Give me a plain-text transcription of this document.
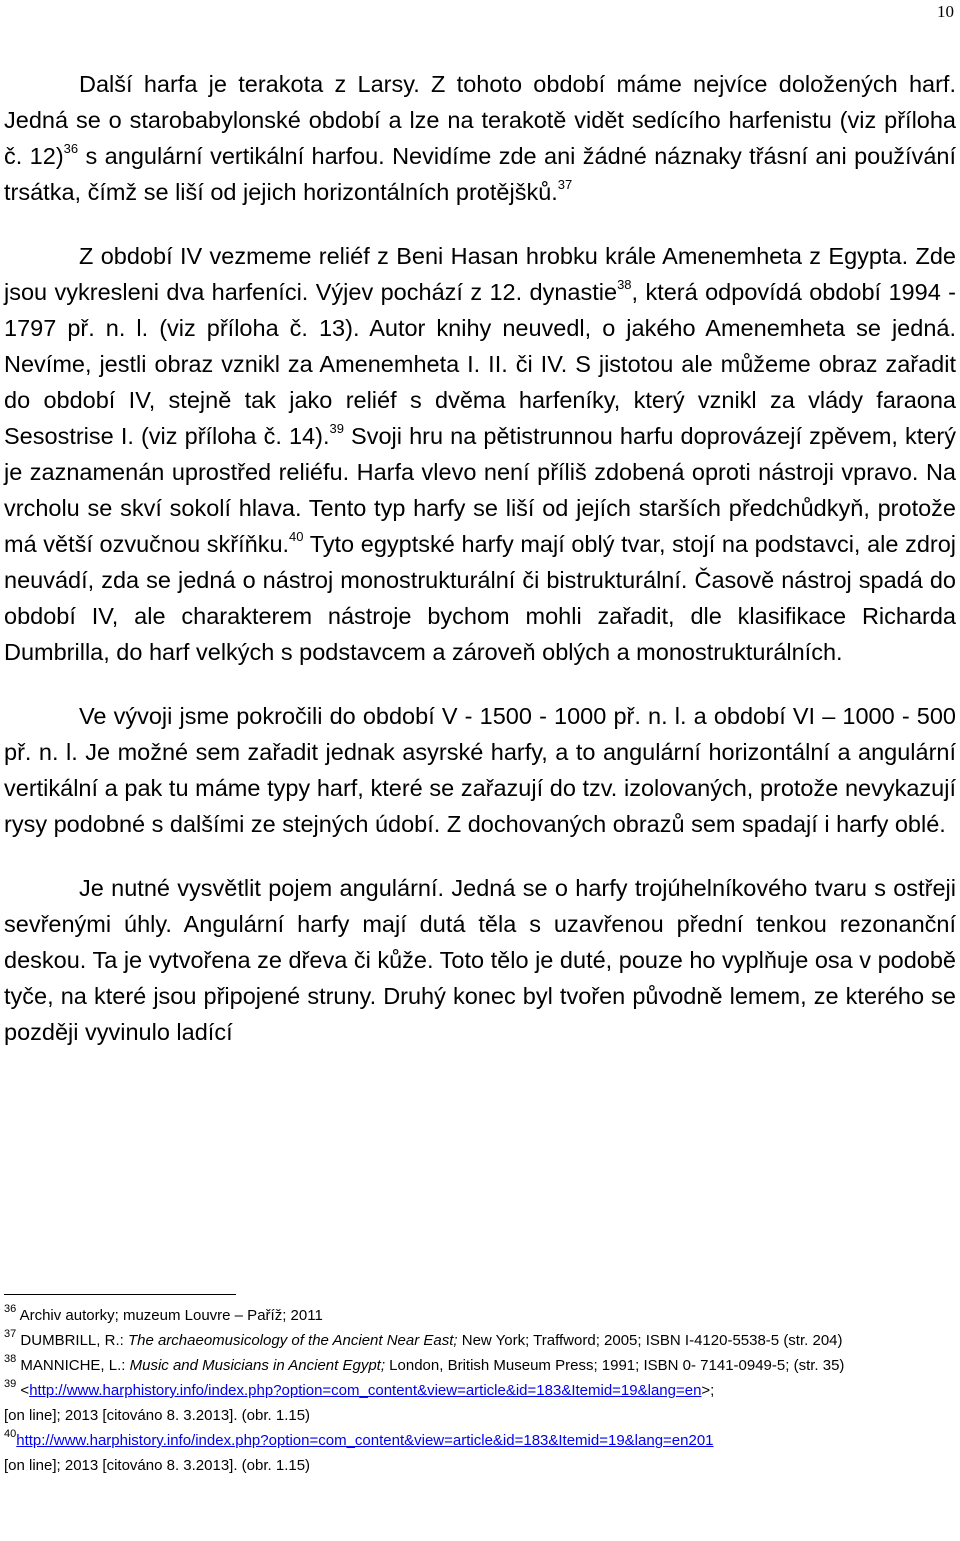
10

Další harfa je terakota z Larsy. Z tohoto období máme nejvíce doložených harf. Jedná se o starobabylonské období a lze na terakotě vidět sedícího harfenistu (viz příloha č. 12)$^{36}$ s angulární vertikální harfou. Nevidíme zde ani žádné náznaky třásní ani používání trsátka, čímž se liší od jejich horizontálních protějšků.$^{37}$

Z období IV vezmeme reliéf z Beni Hasan hrobku krále Amenemheta z Egypta. Zde jsou vykresleni dva harfeníci. Výjev pochází z 12. dynastie$^{38}$, která odpovídá období 1994 - 1797 př. n. l. (viz příloha č. 13). Autor knihy neuvedl, o jakého Amenemheta se jedná. Nevíme, jestli obraz vznikl za Amenemheta I. II. či IV. S jistotou ale můžeme obraz zařadit do období IV, stejně tak jako reliéf s dvěma harfeníky, který vznikl za vlády faraona Sesostrise I. (viz příloha č. 14).$^{39}$ Svoji hru na pětistrunnou harfu doprovázejí zpěvem, který je zaznamenán uprostřed reliéfu. Harfa vlevo není příliš zdobená oproti nástroji vpravo. Na vrcholu se skví sokolí hlava. Tento typ harfy se liší od jejích starších předchůdkyň, protože má větší ozvučnou skříňku.$^{40}$ Tyto egyptské harfy mají oblý tvar, stojí na podstavci, ale zdroj neuvádí, zda se jedná o nástroj monostrukturální či bistrukturální. Časově nástroj spadá do období IV, ale charakterem nástroje bychom mohli zařadit, dle klasifikace Richarda Dumbrilla, do harf velkých s podstavcem a zároveň oblých a monostrukturálních.

Ve vývoji jsme pokročili do období V - 1500 - 1000 př. n. l. a období VI – 1000 - 500 př. n. l. Je možné sem zařadit jednak asyrské harfy, a to angulární horizontální a angulární vertikální a pak tu máme typy harf, které se zařazují do tzv. izolovaných, protože nevykazují rysy podobné s dalšími ze stejných údobí. Z dochovaných obrazů sem spadají i harfy oblé.

Je nutné vysvětlit pojem angulární. Jedná se o harfy trojúhelníkového tvaru s ostřeji sevřenými úhly. Angulární harfy mají dutá těla s uzavřenou přední tenkou rezonanční deskou. Ta je vytvořena ze dřeva či kůže. Toto tělo je duté, pouze ho vyplňuje osa v podobě tyče, na které jsou připojené struny. Druhý konec byl tvořen původně lemem, ze kterého se později vyvinulo ladící

$^{36}$ Archiv autorky; muzeum Louvre – Paříž; 2011

$^{37}$ DUMBRILL, R.: The archaeomusicology of the Ancient Near East; New York; Traffword; 2005; ISBN I-4120-5538-5 (str. 204)

$^{38}$ MANNICHE, L.: Music and Musicians in Ancient Egypt; London, British Museum Press; 1991; ISBN 0- 7141-0949-5; (str. 35)

$^{39}$ <http://www.harphistory.info/index.php?option=com_content&view=article&id=183&Itemid=19&lang=en>;
[on line]; 2013 [citováno 8. 3.2013]. (obr. 1.15)

$^{40}$http://www.harphistory.info/index.php?option=com_content&view=article&id=183&Itemid=19&lang=en201
[on line]; 2013 [citováno 8. 3.2013]. (obr. 1.15)
